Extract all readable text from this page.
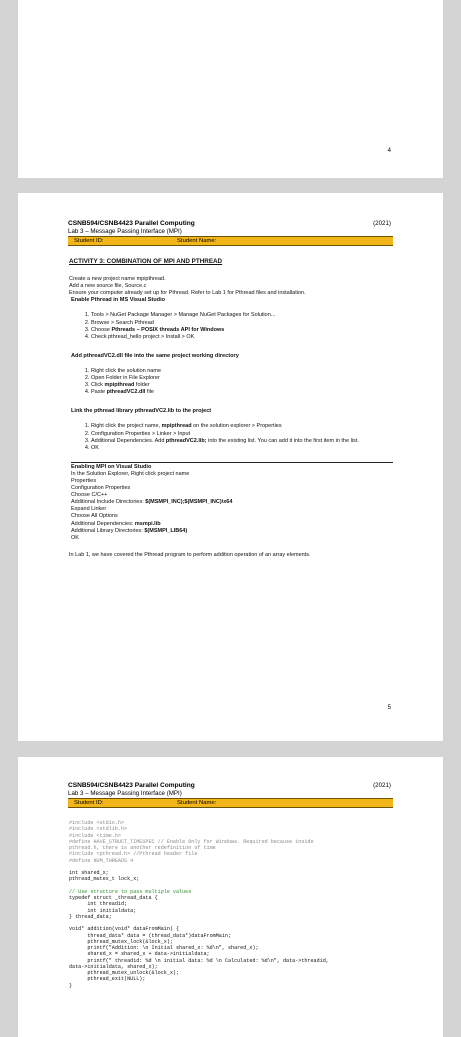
4
CSNB594/CSNB4423 Parallel Computing	(2021)
Lab 3 – Message Passing Interface (MPI)
Student ID:	Student Name:
ACTIVITY 3: COMBINATION OF MPI AND PTHREAD
Create a new project name mpipthread.
Add a new source file, Source.c
Ensure your computer already set up for Pthread. Refer to Lab 1 for Pthread files and installation.
Enable Pthread in MS Visual Studio
1. Tools > NuGet Package Manager > Manage NuGet Packages for Solution...
2. Browse > Search Pthread
3. Choose Pthreads – POSIX threads API for Windows
4. Check pthread_hello project > Install > OK
Add pthreadVC2.dll file into the same project working directory
1. Right click the solution name
2. Open Folder in File Explorer
3. Click mpipthread folder
4. Paste pthreadVC2.dll file
Link the pthread library pthreadVC2.lib to the project
1. Right click the project name, mpipthread on the solution explorer > Properties
2. Configuration Properties > Linker > Input
3. Additional Dependencies. Add pthreadVC2.lib; into the existing list. You can add it into the first item in the list.
4. OK
Enabling MPI on Visual Studio
In the Solution Explorer, Right click project name
Properties
Configuration Properties
Choose C/C++
Additional Include Directories: $(MSMPI_INC);$(MSMPI_INC)\x64
Expand Linker
Choose All Options
Additional Dependencies: msmpi.lib
Additional Library Directories: $(MSMPI_LIB64)
OK
In Lab 1, we have covered the Pthread program to perform addition operation of an array elements.
5
CSNB594/CSNB4423 Parallel Computing	(2021)
Lab 3 – Message Passing Interface (MPI)
Student ID:	Student Name:
#include <stdio.h>
#include <stdlib.h>
#include <time.h>
#define HAVE_STRUCT_TIMESPEC // Enable Only for Windows. Required because inside
pthread.h, there is another redefinition of time
#include <pthread.h> //Pthread header file
#define NUM_THREADS 4

int shared_x;
pthread_mutex_t lock_x;

// Use structure to pass multiple values
typedef struct _thread_data {
int threadid;
int initialdata;
} thread_data;

void* addition(void* dataFromMain) {
thread_data* data = (thread_data*)dataFromMain;
pthread_mutex_lock(&lock_x);
printf("Addition: \n Initial shared_x: %d\n", shared_x);
shared_x = shared_x + data->initialdata;
printf(" threadid: %d \n initial data: %d \n Calculated: %d\n", data->threadid,
data->initialdata, shared_x);
pthread_mutex_unlock(&lock_x);
pthread_exit(NULL);
}
